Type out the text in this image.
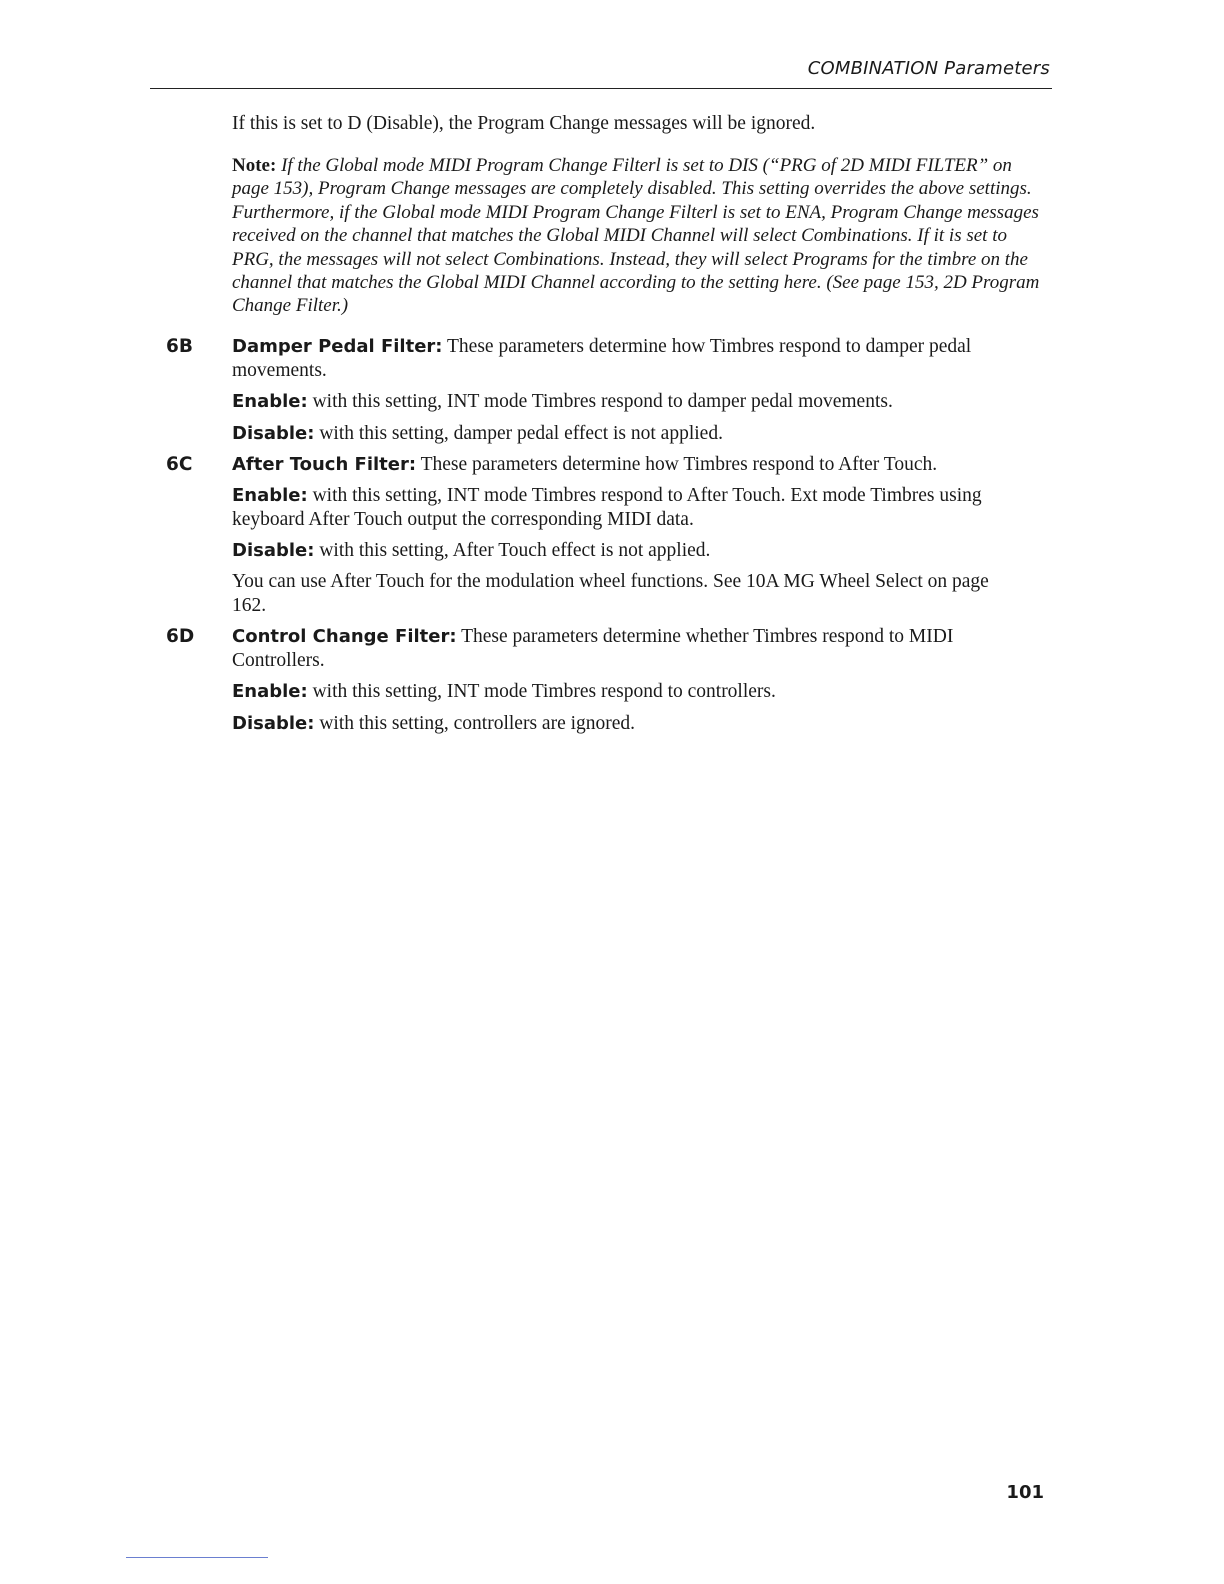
COMBINATION Parameters

If this is set to D (Disable), the Program Change messages will be ignored.

Note: If the Global mode MIDI Program Change Filterl is set to DIS (“PRG of 2D MIDI FILTER” on page 153), Program Change messages are completely disabled. This setting overrides the above settings. Furthermore, if the Global mode MIDI Program Change Filterl is set to ENA, Program Change messages received on the channel that matches the Global MIDI Channel will select Combinations. If it is set to PRG, the messages will not select Combinations. Instead, they will select Programs for the timbre on the channel that matches the Global MIDI Channel according to the setting here. (See page 153, 2D Program Change Filter.)

6B Damper Pedal Filter: These parameters determine how Timbres respond to damper pedal movements.

Enable: with this setting, INT mode Timbres respond to damper pedal movements.

Disable: with this setting, damper pedal effect is not applied.

6C After Touch Filter: These parameters determine how Timbres respond to After Touch.

Enable: with this setting, INT mode Timbres respond to After Touch. Ext mode Timbres using keyboard After Touch output the corresponding MIDI data.

Disable: with this setting, After Touch effect is not applied.

You can use After Touch for the modulation wheel functions. See 10A MG Wheel Select on page 162.

6D Control Change Filter: These parameters determine whether Timbres respond to MIDI Controllers.

Enable: with this setting, INT mode Timbres respond to controllers.

Disable: with this setting, controllers are ignored.

101
